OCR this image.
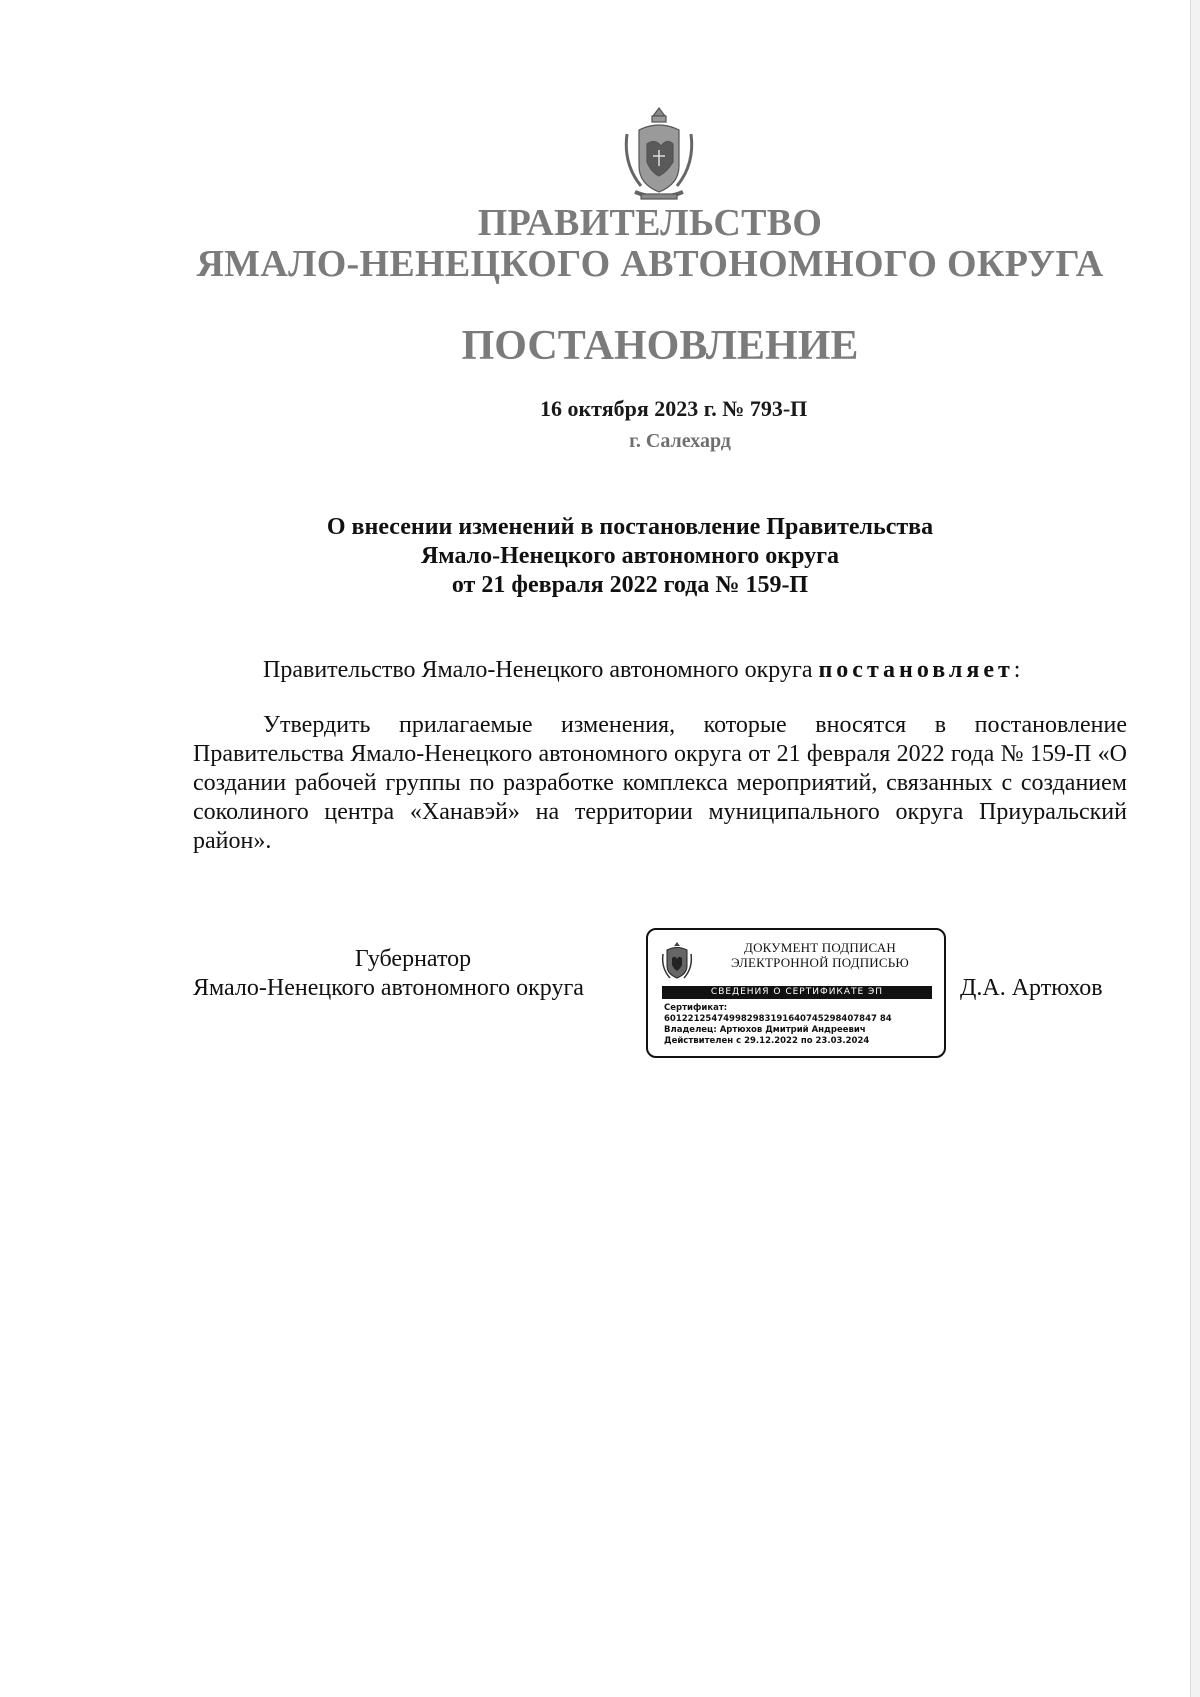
ПРАВИТЕЛЬСТВО
ЯМАЛО-НЕНЕЦКОГО АВТОНОМНОГО ОКРУГА
ПОСТАНОВЛЕНИЕ
16 октября 2023 г. № 793-П
г. Салехард
О внесении изменений в постановление Правительства
Ямало-Ненецкого автономного округа
от 21 февраля 2022 года № 159-П
Правительство Ямало-Ненецкого автономного округа постановляет:
Утвердить прилагаемые изменения, которые вносятся в постановление Правительства Ямало-Ненецкого автономного округа от 21 февраля 2022 года № 159-П «О создании рабочей группы по разработке комплекса мероприятий, связанных с созданием соколиного центра «Ханавэй» на территории муниципального округа Приуральский район».
Губернатор
Ямало-Ненецкого автономного округа
ДОКУМЕНТ ПОДПИСАН
ЭЛЕКТРОННОЙ ПОДПИСЬЮ
СВЕДЕНИЯ О СЕРТИФИКАТЕ ЭП
Сертификат:
601221254749982983191640745298407847 84
Владелец: Артюхов Дмитрий Андреевич
Действителен с 29.12.2022 по 23.03.2024
Д.А. Артюхов
